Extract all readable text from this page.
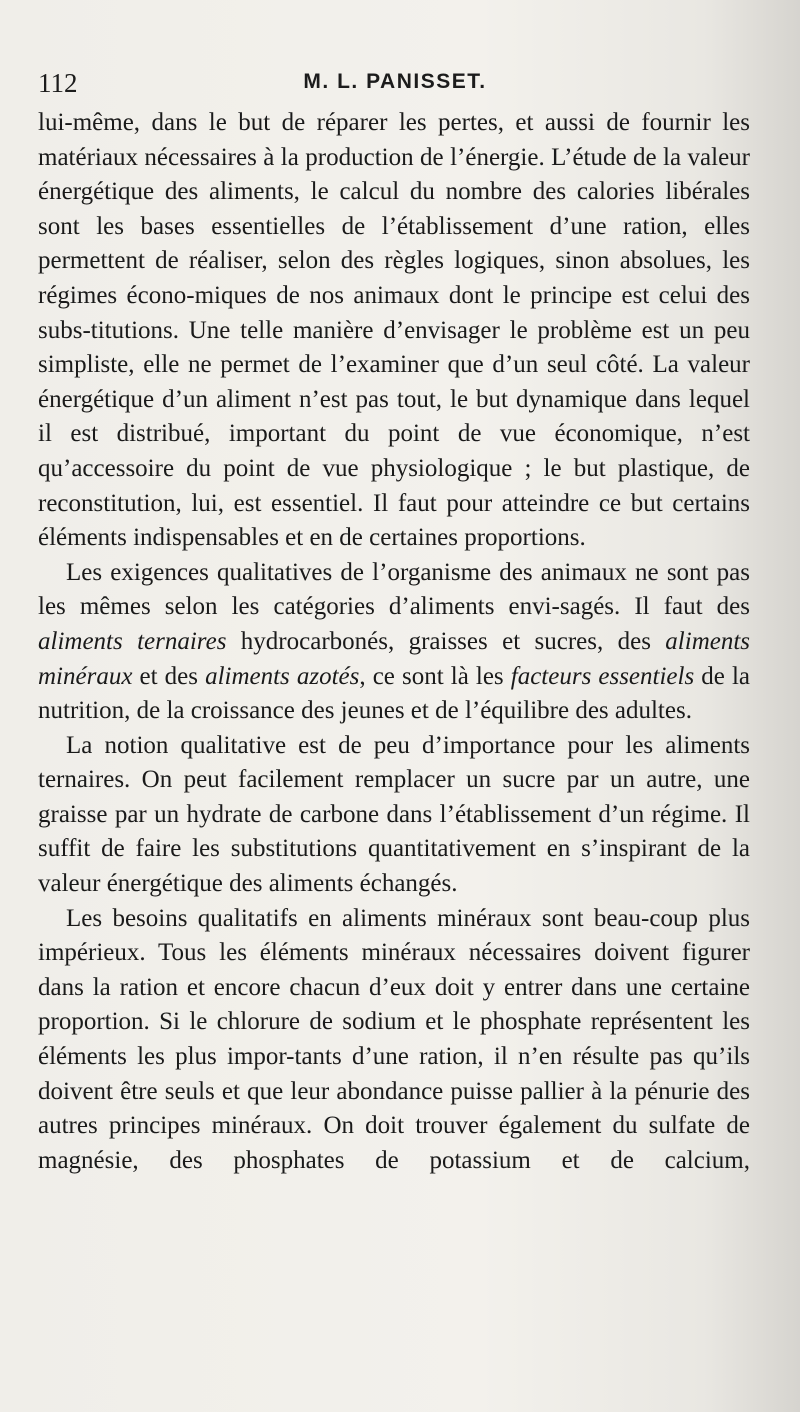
112	M. L. PANISSET.

lui-même, dans le but de réparer les pertes, et aussi de fournir les matériaux nécessaires à la production de l’énergie. L’étude de la valeur énergétique des aliments, le calcul du nombre des calories libérales sont les bases essentielles de l’établissement d’une ration, elles permettent de réaliser, selon des règles logiques, sinon absolues, les régimes écono-miques de nos animaux dont le principe est celui des subs-titutions. Une telle manière d’envisager le problème est un peu simpliste, elle ne permet de l’examiner que d’un seul côté. La valeur énergétique d’un aliment n’est pas tout, le but dynamique dans lequel il est distribué, important du point de vue économique, n’est qu’accessoire du point de vue physiologique ; le but plastique, de reconstitution, lui, est essentiel. Il faut pour atteindre ce but certains éléments indispensables et en de certaines proportions.

Les exigences qualitatives de l’organisme des animaux ne sont pas les mêmes selon les catégories d’aliments envi-sagés. Il faut des aliments ternaires hydrocarbonés, graisses et sucres, des aliments minéraux et des aliments azotés, ce sont là les facteurs essentiels de la nutrition, de la croissance des jeunes et de l’équilibre des adultes.

La notion qualitative est de peu d’importance pour les aliments ternaires. On peut facilement remplacer un sucre par un autre, une graisse par un hydrate de carbone dans l’établissement d’un régime. Il suffit de faire les substitutions quantitativement en s’inspirant de la valeur énergétique des aliments échangés.

Les besoins qualitatifs en aliments minéraux sont beau-coup plus impérieux. Tous les éléments minéraux nécessaires doivent figurer dans la ration et encore chacun d’eux doit y entrer dans une certaine proportion. Si le chlorure de sodium et le phosphate représentent les éléments les plus impor-tants d’une ration, il n’en résulte pas qu’ils doivent être seuls et que leur abondance puisse pallier à la pénurie des autres principes minéraux. On doit trouver également du sulfate de magnésie, des phosphates de potassium et de calcium,
